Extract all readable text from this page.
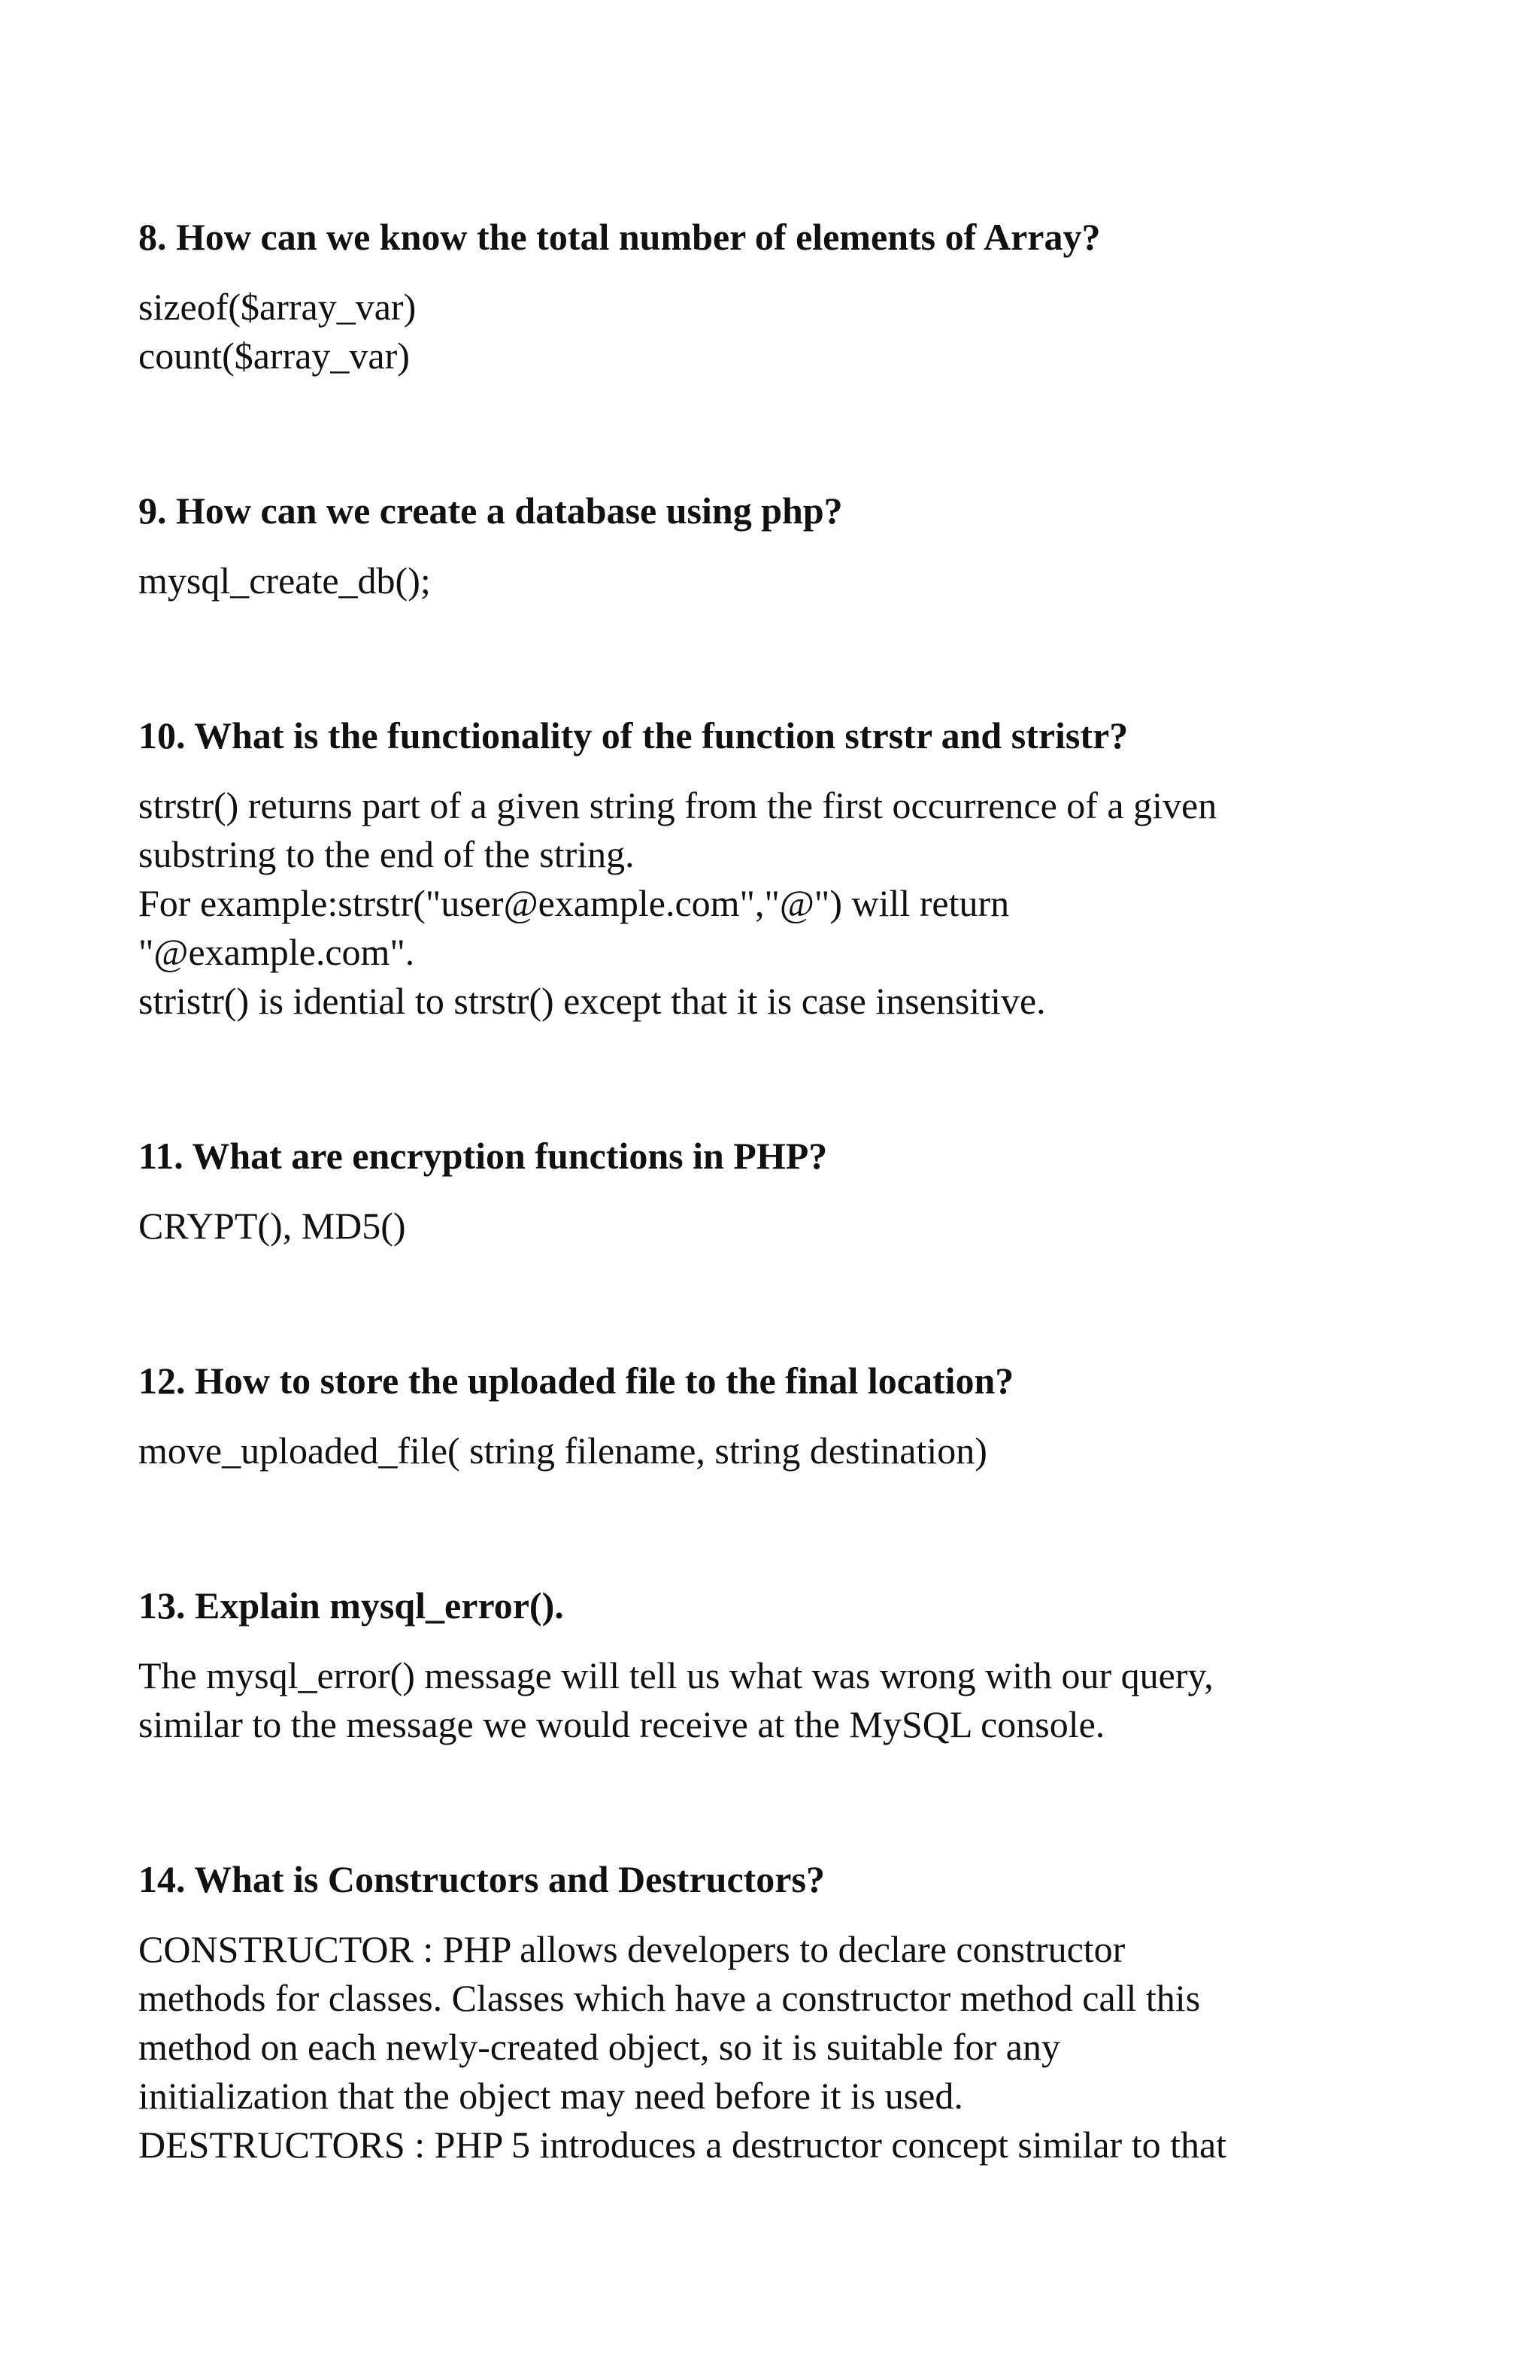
8. How can we know the total number of elements of Array?
sizeof($array_var)
count($array_var)
9. How can we create a database using php?
mysql_create_db();
10. What is the functionality of the function strstr and stristr?
strstr() returns part of a given string from the first occurrence of a given
substring to the end of the string.
For example:strstr("user@example.com","@") will return
"@example.com".
stristr() is idential to strstr() except that it is case insensitive.
11. What are encryption functions in PHP?
CRYPT(), MD5()
12. How to store the uploaded file to the final location?
move_uploaded_file( string filename, string destination)
13. Explain mysql_error().
The mysql_error() message will tell us what was wrong with our query,
similar to the message we would receive at the MySQL console.
14. What is Constructors and Destructors?
CONSTRUCTOR : PHP allows developers to declare constructor
methods for classes. Classes which have a constructor method call this
method on each newly-created object, so it is suitable for any
initialization that the object may need before it is used.
DESTRUCTORS : PHP 5 introduces a destructor concept similar to that
